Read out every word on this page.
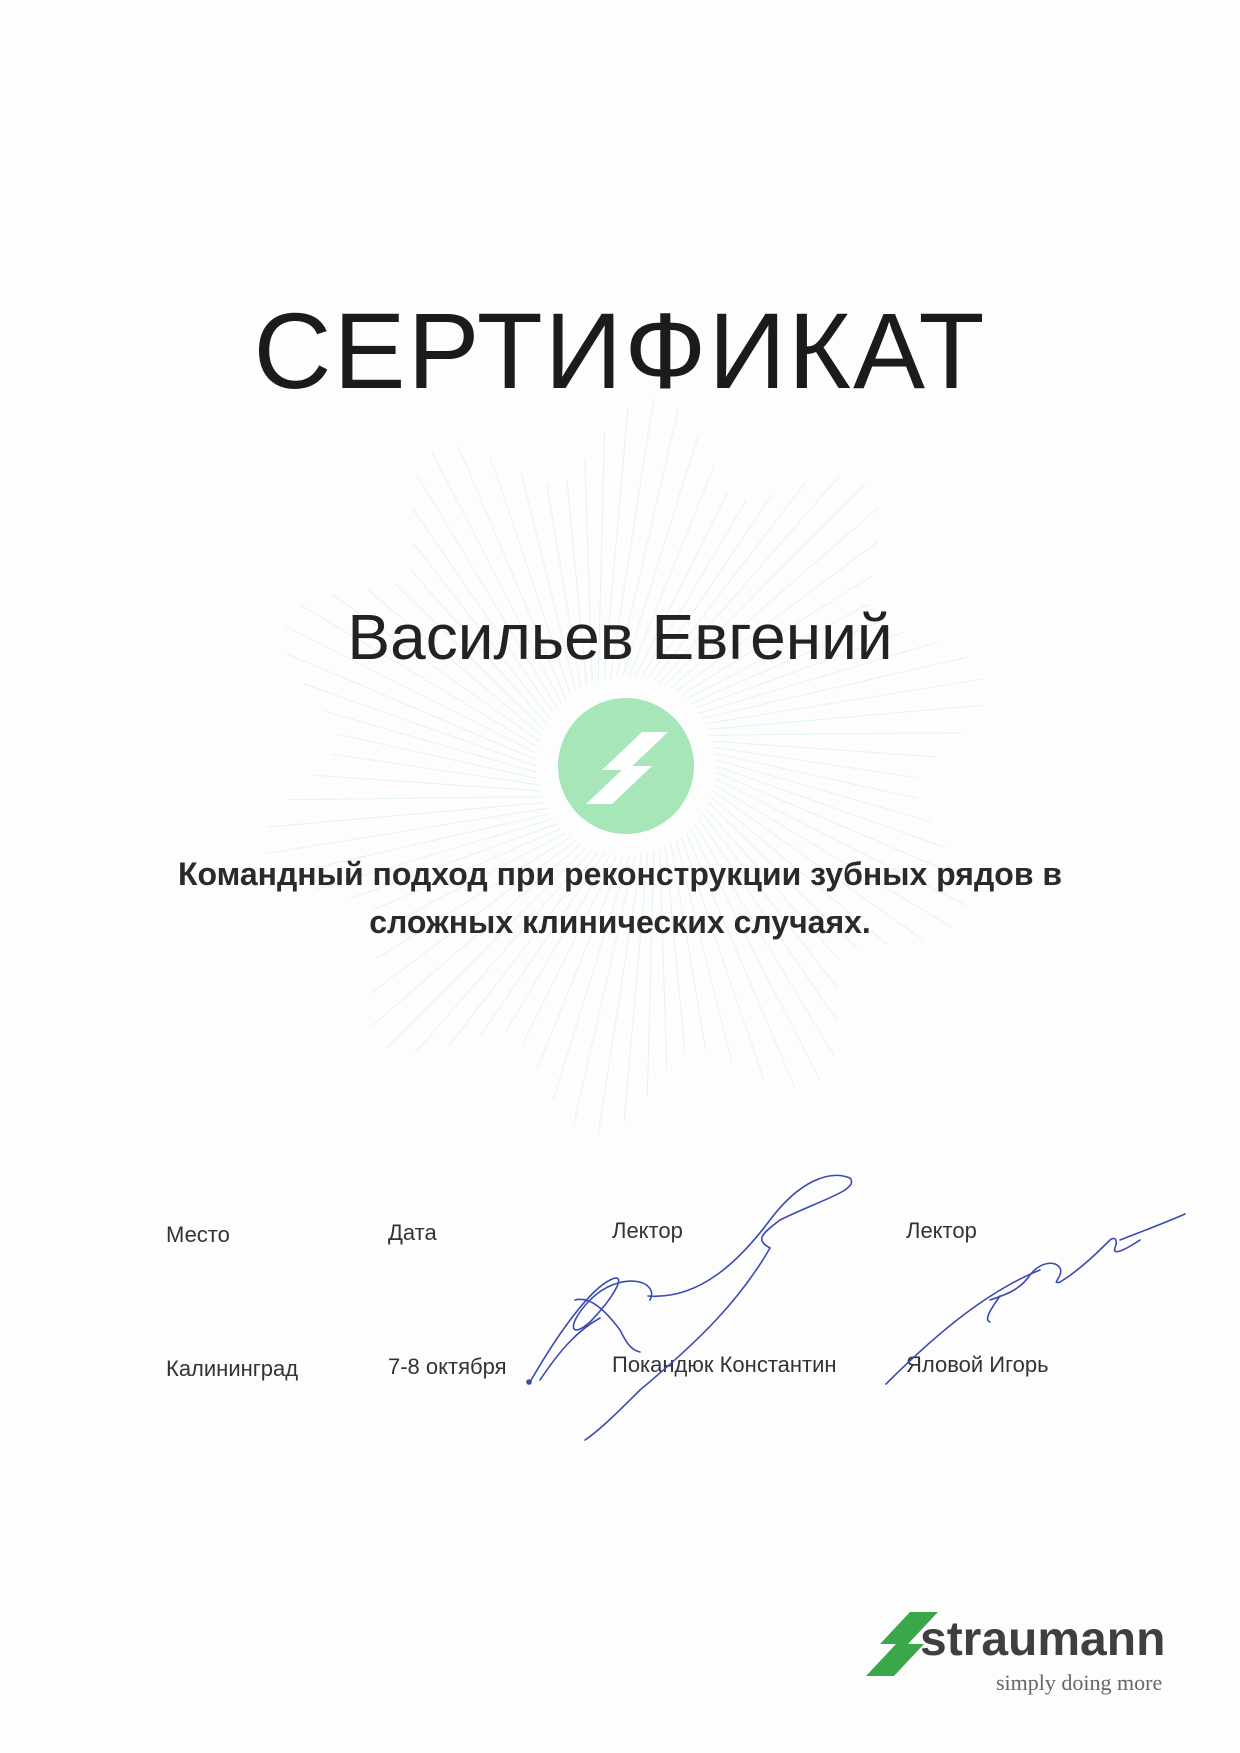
СЕРТИФИКАТ
Васильев Евгений
Командный подход при реконструкции зубных рядов в
сложных клинических случаях.
Место	Дата	Лектор	Лектор
Калининград	7-8 октября	Покандюк Константин	Яловой Игорь
straumann
simply doing more
